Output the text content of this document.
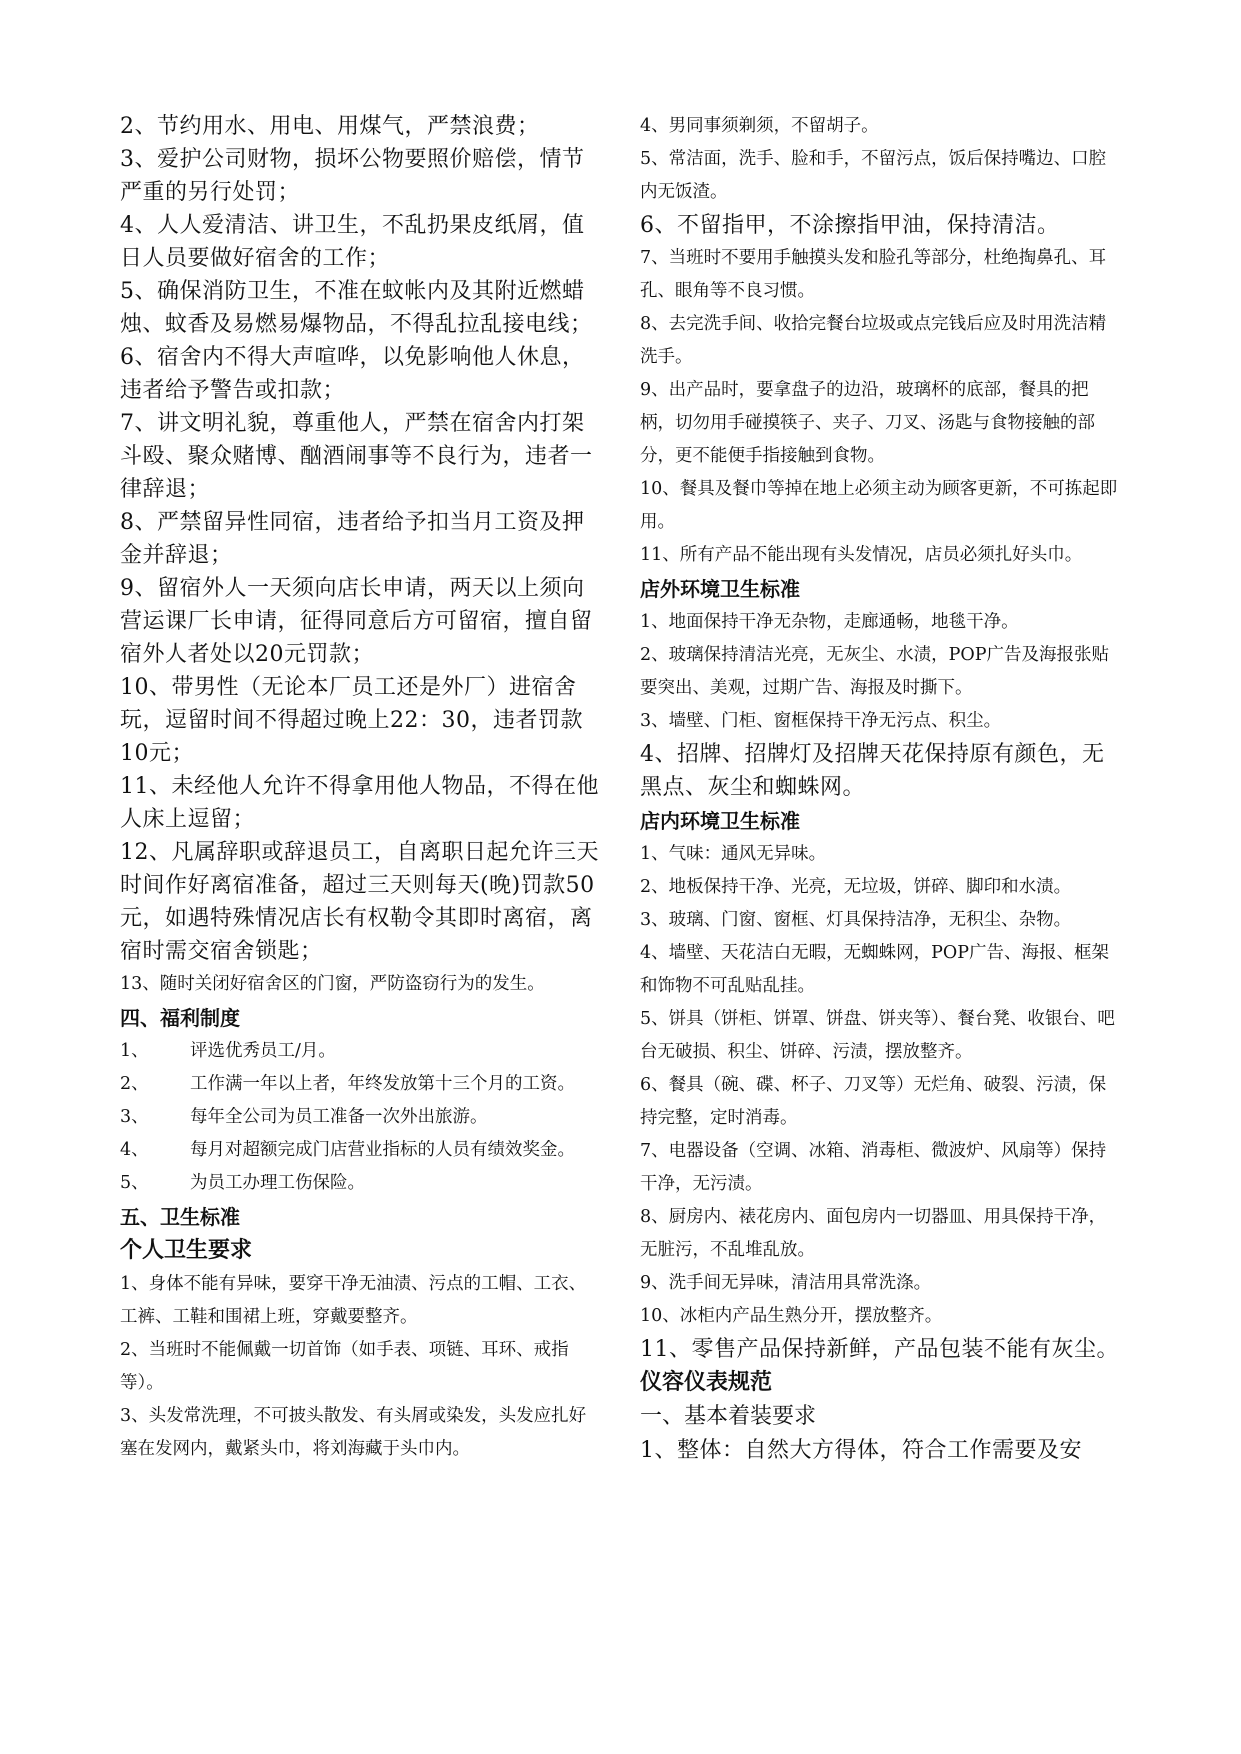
2、节约用水、用电、用煤气，严禁浪费；

3、爱护公司财物，损坏公物要照价赔偿，情节严重的另行处罚；

4、人人爱清洁、讲卫生，不乱扔果皮纸屑，值日人员要做好宿舍的工作；

5、确保消防卫生，不准在蚊帐内及其附近燃蜡烛、蚊香及易燃易爆物品，不得乱拉乱接电线；

6、宿舍内不得大声喧哗，以免影响他人休息，违者给予警告或扣款；

7、讲文明礼貌，尊重他人，严禁在宿舍内打架斗殴、聚众赌博、酗酒闹事等不良行为，违者一律辞退；

8、严禁留异性同宿，违者给予扣当月工资及押金并辞退；

9、留宿外人一天须向店长申请，两天以上须向营运课厂长申请，征得同意后方可留宿，擅自留宿外人者处以20元罚款；

10、带男性（无论本厂员工还是外厂）进宿舍玩，逗留时间不得超过晚上22：30，违者罚款10元；

11、未经他人允许不得拿用他人物品，不得在他人床上逗留；

12、凡属辞职或辞退员工，自离职日起允许三天时间作好离宿准备，超过三天则每天(晚)罚款50元，如遇特殊情况店长有权勒令其即时离宿，离宿时需交宿舍锁匙；

13、随时关闭好宿舍区的门窗，严防盗窃行为的发生。

四、福利制度

1、	评选优秀员工/月。
2、	工作满一年以上者，年终发放第十三个月的工资。
3、	每年全公司为员工准备一次外出旅游。
4、	每月对超额完成门店营业指标的人员有绩效奖金。
5、	为员工办理工伤保险。

五、卫生标准

个人卫生要求

1、身体不能有异味，要穿干净无油渍、污点的工帽、工衣、工裤、工鞋和围裙上班，穿戴要整齐。

2、当班时不能佩戴一切首饰（如手表、项链、耳环、戒指等）。

3、头发常洗理，不可披头散发、有头屑或染发，头发应扎好塞在发网内，戴紧头巾，将刘海藏于头巾内。

4、男同事须剃须，不留胡子。

5、常洁面，洗手、脸和手，不留污点，饭后保持嘴边、口腔内无饭渣。

6、不留指甲，不涂擦指甲油，保持清洁。

7、当班时不要用手触摸头发和脸孔等部分，杜绝掏鼻孔、耳孔、眼角等不良习惯。

8、去完洗手间、收拾完餐台垃圾或点完钱后应及时用洗洁精洗手。

9、出产品时，要拿盘子的边沿，玻璃杯的底部，餐具的把柄，切勿用手碰摸筷子、夹子、刀叉、汤匙与食物接触的部分，更不能便手指接触到食物。

10、餐具及餐巾等掉在地上必须主动为顾客更新，不可拣起即用。

11、所有产品不能出现有头发情况，店员必须扎好头巾。

店外环境卫生标准

1、地面保持干净无杂物，走廊通畅，地毯干净。

2、玻璃保持清洁光亮，无灰尘、水渍，POP广告及海报张贴要突出、美观，过期广告、海报及时撕下。

3、墙壁、门柜、窗框保持干净无污点、积尘。

4、招牌、招牌灯及招牌天花保持原有颜色，无黑点、灰尘和蜘蛛网。

店内环境卫生标准

1、气味：通风无异味。

2、地板保持干净、光亮，无垃圾，饼碎、脚印和水渍。

3、玻璃、门窗、窗框、灯具保持洁净，无积尘、杂物。

4、墙壁、天花洁白无暇，无蜘蛛网，POP广告、海报、框架和饰物不可乱贴乱挂。

5、饼具（饼柜、饼罩、饼盘、饼夹等）、餐台凳、收银台、吧台无破损、积尘、饼碎、污渍，摆放整齐。

6、餐具（碗、碟、杯子、刀叉等）无烂角、破裂、污渍，保持完整，定时消毒。

7、电器设备（空调、冰箱、消毒柜、微波炉、风扇等）保持干净，无污渍。

8、厨房内、裱花房内、面包房内一切器皿、用具保持干净，无脏污，不乱堆乱放。

9、洗手间无异味，清洁用具常洗涤。

10、冰柜内产品生熟分开，摆放整齐。

11、零售产品保持新鲜，产品包装不能有灰尘。

仪容仪表规范

一、基本着装要求

1、整体：自然大方得体，符合工作需要及安
